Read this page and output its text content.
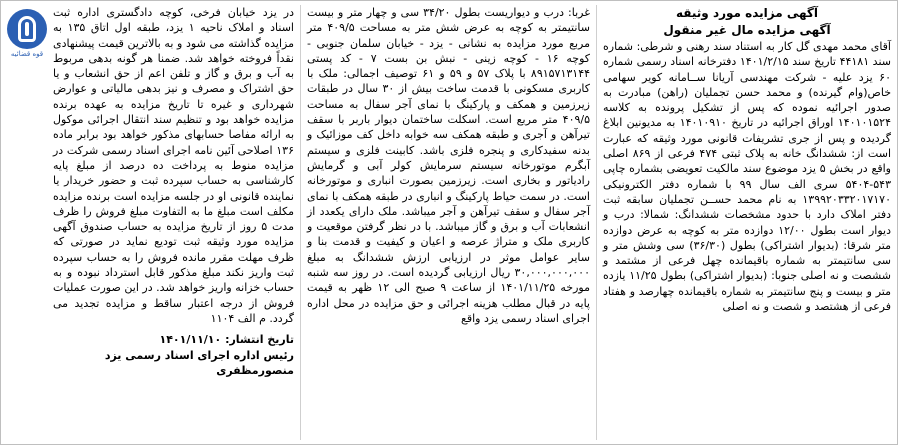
آگهی مزایده مورد وثیقه
آگهی مزایده مال غیر منقول
آقای محمد مهدی گل کار به استناد سند رهنی و شرطی: شماره سند ۴۴۱۸۱ تاریخ سند ۱۴۰۱/۲/۱۵ دفترخانه اسناد رسمی شماره ۶۰ یزد علیه - شرکت مهندسی آریانا ســامانه کویر سهامی خاص(وام گیرنده) و محمد حسن تجملیان (راهن) مبادرت به صدور اجرائیه نموده که پس از تشکیل پرونده به کلاسه ۱۴۰۱۰۱۵۲۴ اوراق اجرائیه در تاریخ ۱۴۰۱۰۹۱۰ به مدیونین ابلاغ گردیده و پس از جری تشریفات قانونی مورد وثیقه که عبارت است از: ششدانگ خانه به پلاک ثبتی ۴۷۴ فرعی از ۸۶۹ اصلی واقع در بخش ۵ یزد موضوع سند مالکیت تعویضی بشماره چاپی ۵۴۳-۵۴۰۴ سری الف سال ۹۹ با شماره دفتر الکترونیکی ۱۳۹۹۲۰۳۳۲۰۱۷۱۷۰ به نام محمد حســن تجملیان سابقه ثبت دفتر املاک دارد با حدود مشخصات ششدانگ: شمالا: درب و دیوار است بطول ۱۲/۰۰ دوازده متر به کوچه به عرض دوازده متر شرقا: (بدیوار اشتراکی) بطول (۳۶/۳۰) سی وشش متر و سی سانتیمتر به شماره باقیمانده چهل فرعی از مشتمد و ششصت و نه اصلی جنوبا: (بدیوار اشتراکی) بطول ۱۱/۲۵ یازده متر و بیست و پنج سانتیمتر به شماره باقیمانده چهارصد و هفتاد فرعی از هشتصد و شصت و نه اصلی
غربا: درب و دیواریست بطول ۳۴/۲۰ سی و چهار متر و بیست سانتیمتر به کوچه به عرض شش متر به مساحت ۴۰۹/۵ متر مربع مورد مزایده به نشانی - یزد - خیابان سلمان جنوبی - کوچه ۱۶ - کوچه زینی - نبش بن بست ۷ - کد پستی ۸۹۱۵۷۱۳۱۴۴ با پلاک ۵۷ و ۵۹ و ۶۱ توصیف اجمالی: ملک با کاربری مسکونی با قدمت ساخت بیش از ۳۰ سال در طبقات زیرزمین و همکف و پارکینگ با نمای آجر سفال به مساحت ۴۰۹/۵ متر مربع است. اسکلت ساختمان دیوار باربر با سقف تیرآهن و آجری و طبقه همکف سه خوابه داخل کف موزائیک و بدنه سفیدکاری و پنجره فلزی باشد. کابینت فلزی و سیستم آبگرم موتورخانه سیستم سرمایش کولر آبی و گرمایش رادیاتور و بخاری است. زیرزمین بصورت انباری و موتورخانه است. در سمت حیاط پارکینگ و انباری در طبقه همکف با نمای آجر سفال و سقف تیرآهن و آجر میباشد. ملک دارای یکعدد از انشعابات آب و برق و گاز میباشد. با در نظر گرفتن موقعیت و کاربری ملک و متراژ عرصه و اعیان و کیفیت و قدمت بنا و سایر عوامل موثر در ارزیابی ارزش ششدانگ به مبلغ ۳۰,۰۰۰,۰۰۰,۰۰۰ ریال ارزیابی گردیده است. در روز سه شنبه مورخه ۱۴۰۱/۱۱/۲۵ از ساعت ۹ صبح الی ۱۲ ظهر به قیمت پایه در قبال مطلب هزینه اجرائی و حق مزایده در محل اداره اجرای اسناد رسمی یزد واقع
قوه قضائیه
در یزد خیابان فرخی، کوچه دادگستری اداره ثبت اسناد و املاک ناحیه ۱ یزد، طبقه اول اتاق ۱۳۵ به مزایده گذاشته می شود و به بالاترین قیمت پیشنهادی نقداً فروخته خواهد شد. ضمنا هر گونه بدهی مربوط به آب و برق و گاز و تلفن اعم از حق انشعاب و یا حق اشتراک و مصرف و نیز بدهی مالیاتی و عوارض شهرداری و غیره تا تاریخ مزایده به عهده برنده مزایده خواهد بود و تنظیم سند انتقال اجرائی موکول به ارائه مفاصا حسابهای مذکور خواهد بود برابر ماده ۱۳۶ اصلاحی آئین نامه اجرای اسناد رسمی شرکت در مزایده منوط به پرداخت ده درصد از مبلغ پایه کارشناسی به حساب سپرده ثبت و حضور خریدار یا نماینده قانونی او در جلسه مزایده است برنده مزایده مکلف است مبلغ ما به التفاوت مبلغ فروش را ظرف مدت ۵ روز از تاریخ مزایده به حساب صندوق آگهی مزایده مورد وثیقه ثبت تودیع نماید در صورتی که ظرف مهلت مقرر مانده فروش را به حساب سپرده ثبت واریز نکند مبلغ مذکور قابل استرداد نبوده و به حساب خزانه واریز خواهد شد. در این صورت عملیات فروش از درجه اعتبار ساقط و مزایده تجدید می گردد. م الف ۱۱۰۴
تاریخ انتشار: ۱۴۰۱/۱۱/۱۰
رئیس اداره اجرای اسناد رسمی یزد
منصورمظفری
